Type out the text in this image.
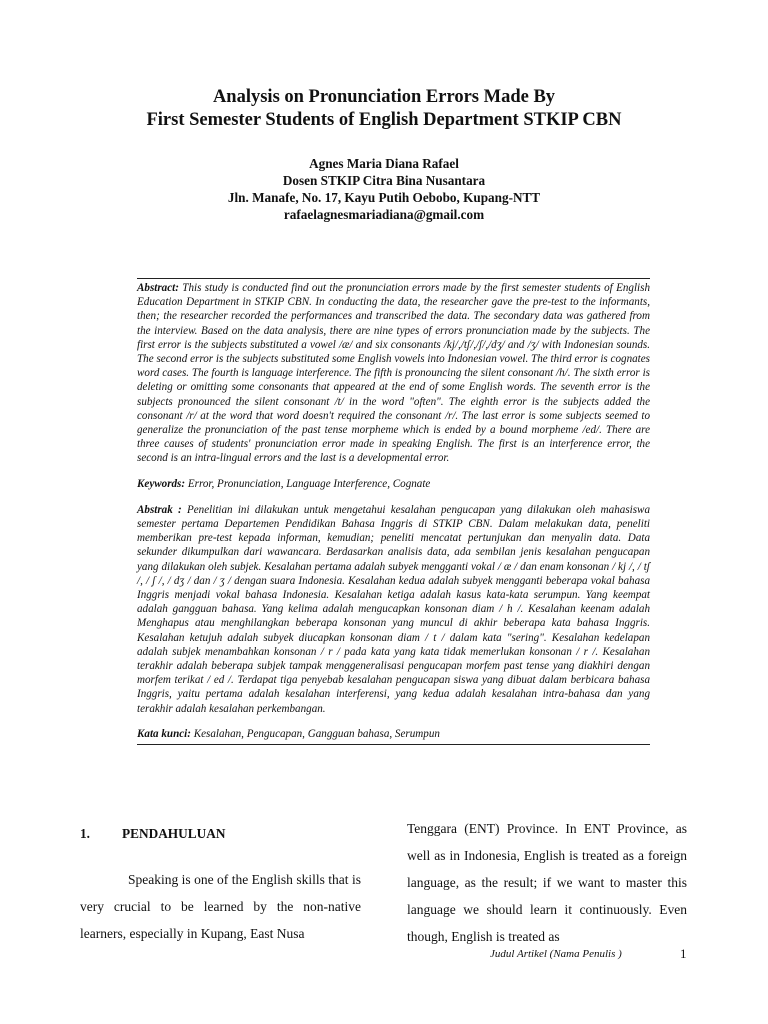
Analysis on Pronunciation Errors Made By
First Semester Students of English Department STKIP CBN
Agnes Maria Diana Rafael
Dosen STKIP Citra Bina Nusantara
Jln. Manafe, No. 17, Kayu Putih Oebobo, Kupang-NTT
rafaelagnesmariadiana@gmail.com

Abstract: This study is conducted find out the pronunciation errors made by the first semester students of English Education Department in STKIP CBN. In conducting the data, the researcher gave the pre-test to the informants, then; the researcher recorded the performances and transcribed the data. The secondary data was gathered from the interview. Based on the data analysis, there are nine types of errors pronunciation made by the subjects. The first error is the subjects substituted a vowel /æ/ and six consonants /kj/,/tʃ/,/ʃ/,/dʒ/ and /ʒ/ with Indonesian sounds. The second error is the subjects substituted some English vowels into Indonesian vowel. The third error is cognates word cases. The fourth is language interference. The fifth is pronouncing the silent consonant /h/. The sixth error is deleting or omitting some consonants that appeared at the end of some English words. The seventh error is the subjects pronounced the silent consonant /t/ in the word "often". The eighth error is the subjects added the consonant /r/ at the word that word doesn't required the consonant /r/. The last error is some subjects seemed to generalize the pronunciation of the past tense morpheme which is ended by a bound morpheme /ed/. There are three causes of students' pronunciation error made in speaking English. The first is an interference error, the second is an intra-lingual errors and the last is a developmental error.

Keywords: Error, Pronunciation, Language Interference, Cognate

Abstrak : Penelitian ini dilakukan untuk mengetahui kesalahan pengucapan yang dilakukan oleh mahasiswa semester pertama Departemen Pendidikan Bahasa Inggris di STKIP CBN. Dalam melakukan data, peneliti memberikan pre-test kepada informan, kemudian; peneliti mencatat pertunjukan dan menyalin data. Data sekunder dikumpulkan dari wawancara. Berdasarkan analisis data, ada sembilan jenis kesalahan pengucapan yang dilakukan oleh subjek. Kesalahan pertama adalah subyek mengganti vokal / æ / dan enam konsonan / kj /, / tʃ /, / ʃ /, / dʒ / dan / ʒ / dengan suara Indonesia. Kesalahan kedua adalah subyek mengganti beberapa vokal bahasa Inggris menjadi vokal bahasa Indonesia. Kesalahan ketiga adalah kasus kata-kata serumpun. Yang keempat adalah gangguan bahasa. Yang kelima adalah mengucapkan konsonan diam / h /. Kesalahan keenam adalah Menghapus atau menghilangkan beberapa konsonan yang muncul di akhir beberapa kata bahasa Inggris. Kesalahan ketujuh adalah subyek diucapkan konsonan diam / t / dalam kata "sering". Kesalahan kedelapan adalah subjek menambahkan konsonan / r / pada kata yang kata tidak memerlukan konsonan / r /. Kesalahan terakhir adalah beberapa subjek tampak menggeneralisasi pengucapan morfem past tense yang diakhiri dengan morfem terikat / ed /. Terdapat tiga penyebab kesalahan pengucapan siswa yang dibuat dalam berbicara bahasa Inggris, yaitu pertama adalah kesalahan interferensi, yang kedua adalah kesalahan intra-bahasa dan yang terakhir adalah kesalahan perkembangan.

Kata kunci: Kesalahan, Pengucapan, Gangguan bahasa, Serumpun

1. PENDAHULUAN

Speaking is one of the English skills that is very crucial to be learned by the non-native learners, especially in Kupang, East Nusa

Tenggara (ENT) Province. In ENT Province, as well as in Indonesia, English is treated as a foreign language, as the result; if we want to master this language we should learn it continuously. Even though, English is treated as

Judul Artikel (Nama Penulis )	1
